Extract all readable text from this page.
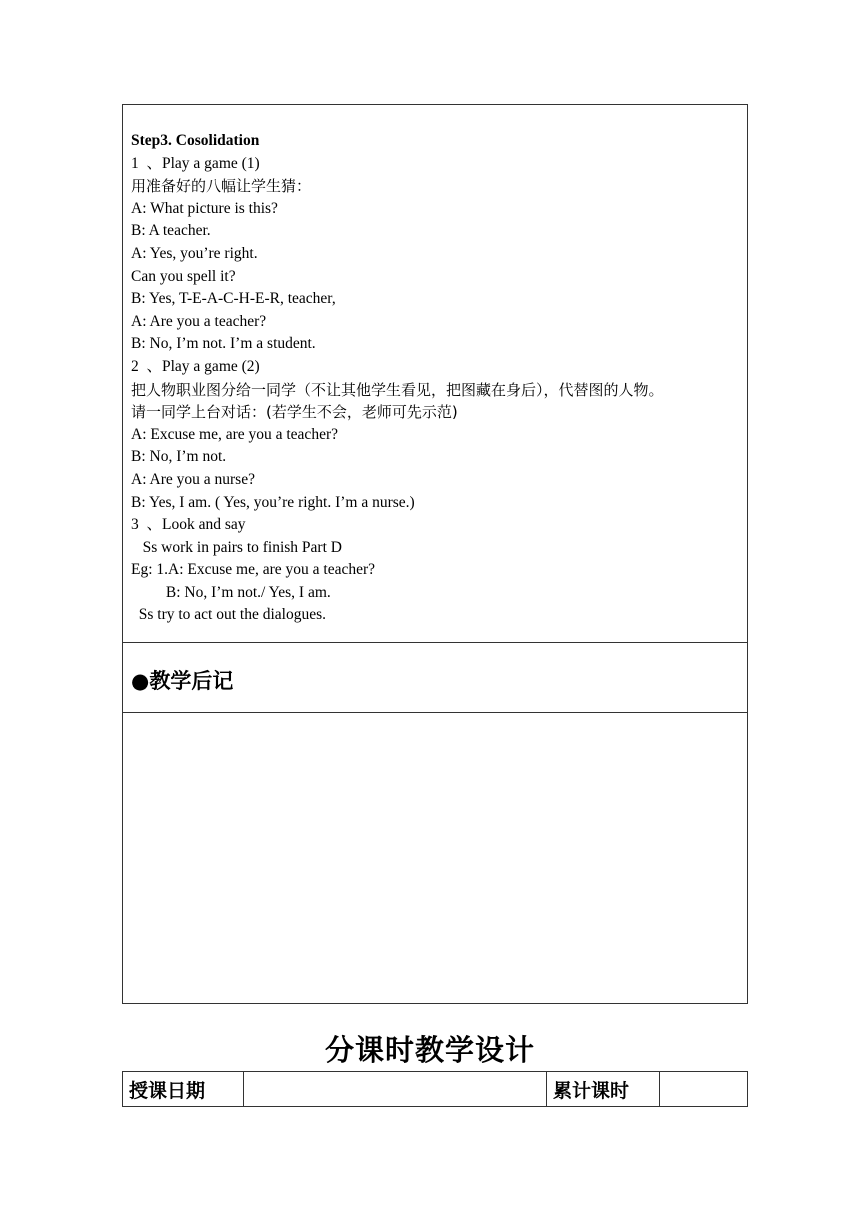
Step3. Cosolidation
1  、Play a game (1)
用准备好的八幅让学生猜：
A: What picture is this?
B: A teacher.
A: Yes, you’re right.
Can you spell it?
B: Yes, T-E-A-C-H-E-R, teacher,
A: Are you a teacher?
B: No, I’m not. I’m a student.
2  、Play a game (2)
把人物职业图分给一同学（不让其他学生看见，把图藏在身后），代替图的人物。
请一同学上台对话：(若学生不会，老师可先示范)
A: Excuse me, are you a teacher?
B: No, I’m not.
A: Are you a nurse?
B: Yes, I am. ( Yes, you’re right. I’m a nurse.)
3  、Look and say
Ss work in pairs to finish Part D
Eg: 1.A: Excuse me, are you a teacher?
B: No, I’m not./ Yes, I am.
Ss try to act out the dialogues.
●教学后记
分课时教学设计
授课日期		累计课时	
